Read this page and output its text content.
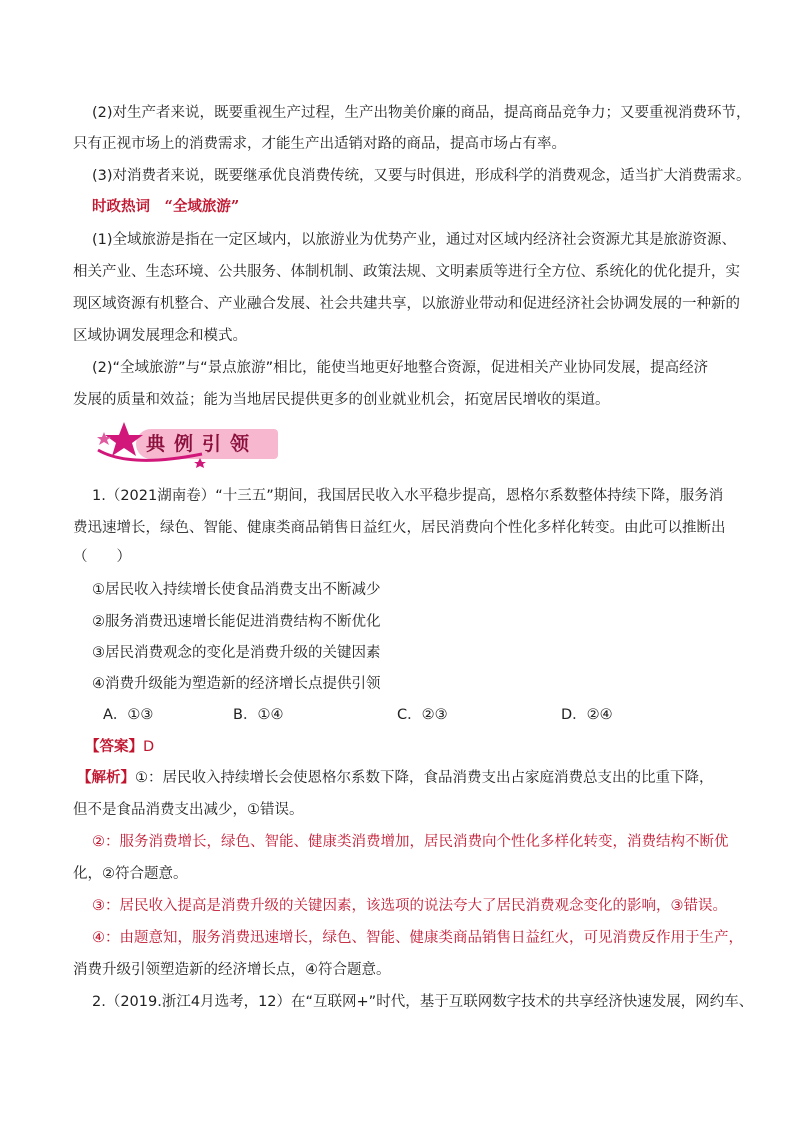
(2)对生产者来说，既要重视生产过程，生产出物美价廉的商品，提高商品竞争力；又要重视消费环节，
只有正视市场上的消费需求，才能生产出适销对路的商品，提高市场占有率。
(3)对消费者来说，既要继承优良消费传统，又要与时俱进，形成科学的消费观念，适当扩大消费需求。
时政热词　“全域旅游”
(1)全域旅游是指在一定区域内，以旅游业为优势产业，通过对区域内经济社会资源尤其是旅游资源、
相关产业、生态环境、公共服务、体制机制、政策法规、文明素质等进行全方位、系统化的优化提升，实
现区域资源有机整合、产业融合发展、社会共建共享，以旅游业带动和促进经济社会协调发展的一种新的
区域协调发展理念和模式。
(2)“全域旅游”与“景点旅游”相比，能使当地更好地整合资源，促进相关产业协同发展，提高经济
发展的质量和效益；能为当地居民提供更多的创业就业机会，拓宽居民增收的渠道。
典例引领
1.（2021湖南卷）“十三五”期间，我国居民收入水平稳步提高，恩格尔系数整体持续下降，服务消
费迅速增长，绿色、智能、健康类商品销售日益红火，居民消费向个性化多样化转变。由此可以推断出
（　　）
①居民收入持续增长使食品消费支出不断减少
②服务消费迅速增长能促进消费结构不断优化
③居民消费观念的变化是消费升级的关键因素
④消费升级能为塑造新的经济增长点提供引领
A．①③	B．①④	C．②③	D．②④
【答案】D
【解析】①：居民收入持续增长会使恩格尔系数下降，食品消费支出占家庭消费总支出的比重下降，
但不是食品消费支出减少，①错误。
②：服务消费增长，绿色、智能、健康类消费增加，居民消费向个性化多样化转变，消费结构不断优
化，②符合题意。
③：居民收入提高是消费升级的关键因素，该选项的说法夸大了居民消费观念变化的影响，③错误。
④：由题意知，服务消费迅速增长，绿色、智能、健康类商品销售日益红火，可见消费反作用于生产，
消费升级引领塑造新的经济增长点，④符合题意。
2.（2019.浙江4月选考，12）在“互联网+”时代，基于互联网数字技术的共享经济快速发展，网约车、
